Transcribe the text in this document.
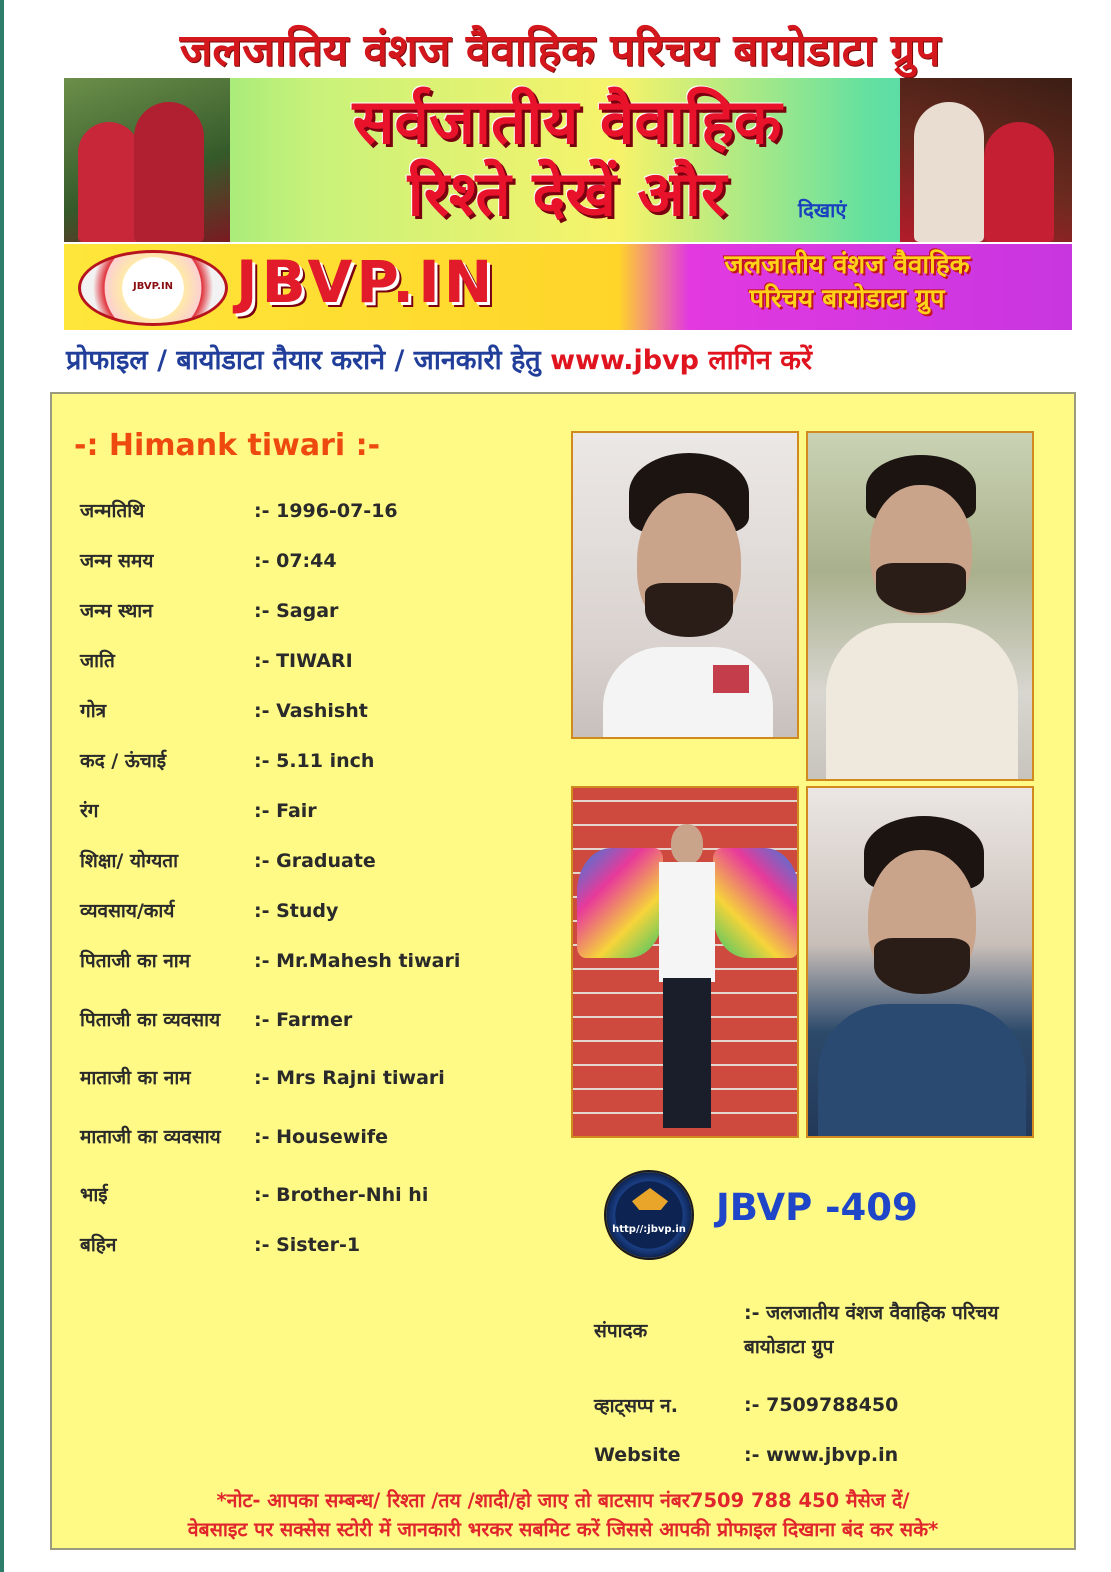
जलजातिय वंशज वैवाहिक परिचय बायोडाटा ग्रुप
सर्वजातीय वैवाहिक
रिश्ते देखें और	दिखाएं
JBVP.IN	JBVP.IN	जलजातीय वंशज वैवाहिक
परिचय बायोडाटा ग्रुप
प्रोफाइल / बायोडाटा तैयार कराने / जानकारी हेतु www.jbvp लागिन करें
-: Himank tiwari :-
जन्मतिथि	:- 1996-07-16
जन्म समय	:- 07:44
जन्म स्थान	:- Sagar
जाति	:- TIWARI
गोत्र	:- Vashisht
कद / ऊंचाई	:- 5.11 inch
रंग	:- Fair
शिक्षा/ योग्यता	:- Graduate
व्यवसाय/कार्य	:- Study
पिताजी का नाम	:- Mr.Mahesh tiwari
पिताजी का व्यवसाय	:- Farmer
माताजी का नाम	:- Mrs Rajni tiwari
माताजी का व्यवसाय	:- Housewife
भाई	:- Brother-Nhi hi
बहिन	:- Sister-1
http//:jbvp.in
JBVP -409
संपादक
:- जलजातीय वंशज वैवाहिक परिचय बायोडाटा ग्रुप
व्हाट्सप्प न.	:- 7509788450
Website	:- www.jbvp.in
*नोट- आपका सम्बन्ध/ रिश्ता /तय /शादी/हो जाए तो बाटसाप नंबर7509 788 450 मैसेज दें/
वेबसाइट पर सक्सेस स्टोरी में जानकारी भरकर सबमिट करें जिससे आपकी प्रोफाइल दिखाना बंद कर सके*
